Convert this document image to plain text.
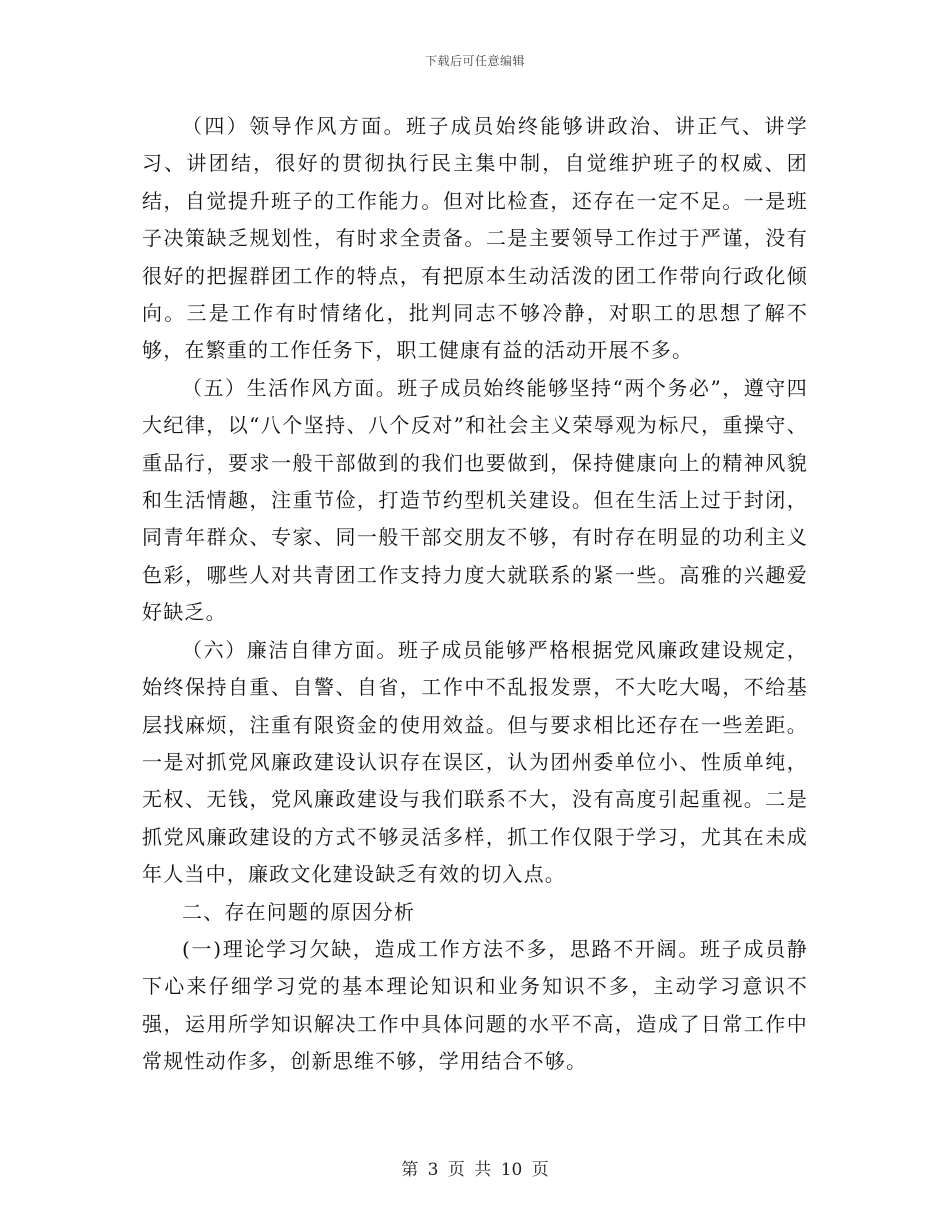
下载后可任意编辑

（四）领导作风方面。班子成员始终能够讲政治、讲正气、讲学习、讲团结，很好的贯彻执行民主集中制，自觉维护班子的权威、团结，自觉提升班子的工作能力。但对比检查，还存在一定不足。一是班子决策缺乏规划性，有时求全责备。二是主要领导工作过于严谨，没有很好的把握群团工作的特点，有把原本生动活泼的团工作带向行政化倾向。三是工作有时情绪化，批判同志不够冷静，对职工的思想了解不够，在繁重的工作任务下，职工健康有益的活动开展不多。

（五）生活作风方面。班子成员始终能够坚持“两个务必”，遵守四大纪律，以“八个坚持、八个反对”和社会主义荣辱观为标尺，重操守、重品行，要求一般干部做到的我们也要做到，保持健康向上的精神风貌和生活情趣，注重节俭，打造节约型机关建设。但在生活上过于封闭，同青年群众、专家、同一般干部交朋友不够，有时存在明显的功利主义色彩，哪些人对共青团工作支持力度大就联系的紧一些。高雅的兴趣爱好缺乏。

（六）廉洁自律方面。班子成员能够严格根据党风廉政建设规定，始终保持自重、自警、自省，工作中不乱报发票，不大吃大喝，不给基层找麻烦，注重有限资金的使用效益。但与要求相比还存在一些差距。一是对抓党风廉政建设认识存在误区，认为团州委单位小、性质单纯，无权、无钱，党风廉政建设与我们联系不大，没有高度引起重视。二是抓党风廉政建设的方式不够灵活多样，抓工作仅限于学习，尤其在未成年人当中，廉政文化建设缺乏有效的切入点。

二、存在问题的原因分析

(一)理论学习欠缺，造成工作方法不多，思路不开阔。班子成员静下心来仔细学习党的基本理论知识和业务知识不多，主动学习意识不强，运用所学知识解决工作中具体问题的水平不高，造成了日常工作中常规性动作多，创新思维不够，学用结合不够。

第 3 页 共 10 页
